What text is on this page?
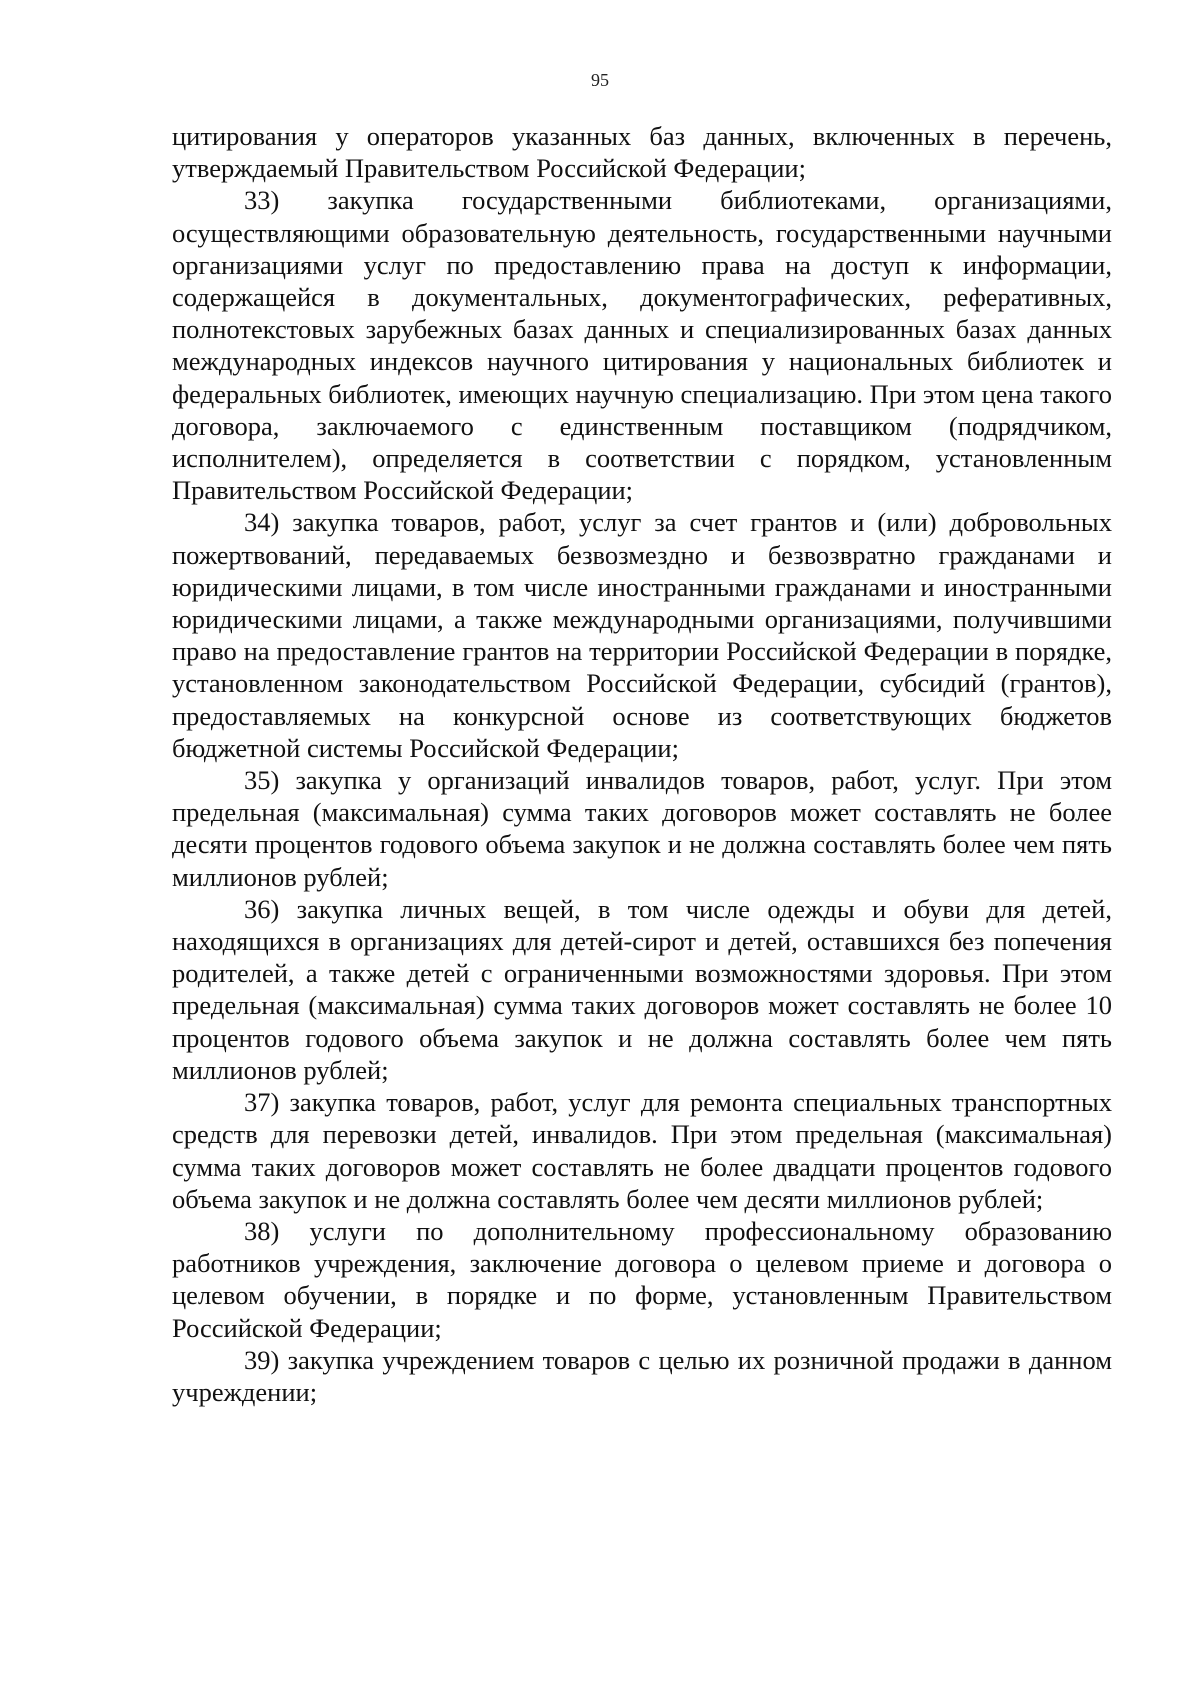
95

цитирования у операторов указанных баз данных, включенных в перечень, утверждаемый Правительством Российской Федерации;

33) закупка государственными библиотеками, организациями, осуществляющими образовательную деятельность, государственными научными организациями услуг по предоставлению права на доступ к информации, содержащейся в документальных, документографических, реферативных, полнотекстовых зарубежных базах данных и специализированных базах данных международных индексов научного цитирования у национальных библиотек и федеральных библиотек, имеющих научную специализацию. При этом цена такого договора, заключаемого с единственным поставщиком (подрядчиком, исполнителем), определяется в соответствии с порядком, установленным Правительством Российской Федерации;

34) закупка товаров, работ, услуг за счет грантов и (или) добровольных пожертвований, передаваемых безвозмездно и безвозвратно гражданами и юридическими лицами, в том числе иностранными гражданами и иностранными юридическими лицами, а также международными организациями, получившими право на предоставление грантов на территории Российской Федерации в порядке, установленном законодательством Российской Федерации, субсидий (грантов), предоставляемых на конкурсной основе из соответствующих бюджетов бюджетной системы Российской Федерации;

35) закупка у организаций инвалидов товаров, работ, услуг. При этом предельная (максимальная) сумма таких договоров может составлять не более десяти процентов годового объема закупок и не должна составлять более чем пять миллионов рублей;

36) закупка личных вещей, в том числе одежды и обуви для детей, находящихся в организациях для детей-сирот и детей, оставшихся без попечения родителей, а также детей с ограниченными возможностями здоровья. При этом предельная (максимальная) сумма таких договоров может составлять не более 10 процентов годового объема закупок и не должна составлять более чем пять миллионов рублей;

37) закупка товаров, работ, услуг для ремонта специальных транспортных средств для перевозки детей, инвалидов. При этом предельная (максимальная) сумма таких договоров может составлять не более двадцати процентов годового объема закупок и не должна составлять более чем десяти миллионов рублей;

38) услуги по дополнительному профессиональному образованию работников учреждения, заключение договора о целевом приеме и договора о целевом обучении, в порядке и по форме, установленным Правительством Российской Федерации;

39) закупка учреждением товаров с целью их розничной продажи в данном учреждении;
